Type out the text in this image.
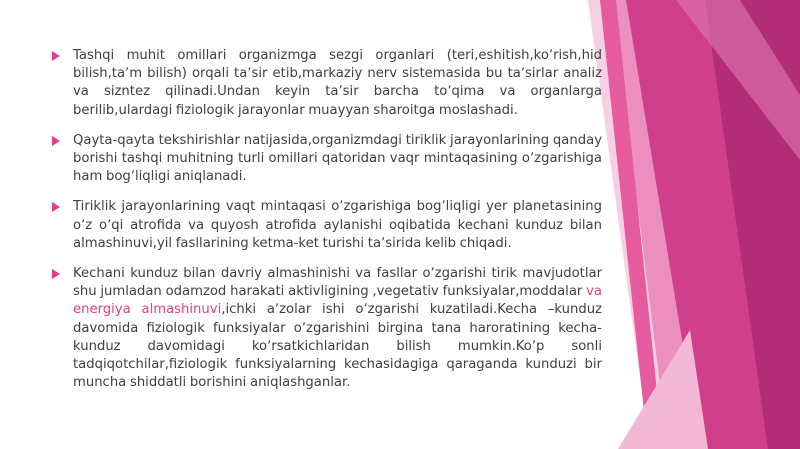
Tashqi muhit omillari organizmga sezgi organlari (teri,eshitish,koʼrish,hid bilish,taʼm bilish) orqali taʼsir etib,markaziy nerv sistemasida bu taʼsirlar analiz va sizntez qilinadi.Undan keyin taʼsir barcha toʼqima va organlarga berilib,ulardagi fiziologik jarayonlar muayyan sharoitga moslashadi.

Qayta-qayta tekshirishlar natijasida,organizmdagi tiriklik jarayonlarining qanday borishi tashqi muhitning turli omillari qatoridan vaqr mintaqasining oʼzgarishiga ham bogʼliqligi aniqlanadi.

Tiriklik jarayonlarining vaqt mintaqasi oʼzgarishiga bogʼliqligi yer planetasining oʼz oʼqi atrofida va quyosh atrofida aylanishi oqibatida kechani kunduz bilan almashinuvi,yil fasllarining ketma-ket turishi taʼsirida kelib chiqadi.

Kechani kunduz bilan davriy almashinishi va fasllar oʼzgarishi tirik mavjudotlar shu jumladan odamzod harakati aktivligining ,vegetativ funksiyalar,moddalar va energiya almashinuvi,ichki aʼzolar ishi oʼzgarishi kuzatiladi.Kecha –kunduz davomida fiziologik funksiyalar oʼzgarishini birgina tana haroratining kecha-kunduz davomidagi koʼrsatkichlaridan bilish mumkin.Koʼp sonli tadqiqotchilar,fiziologik funksiyalarning kechasidagiga qaraganda kunduzi bir muncha shiddatli borishini aniqlashganlar.
